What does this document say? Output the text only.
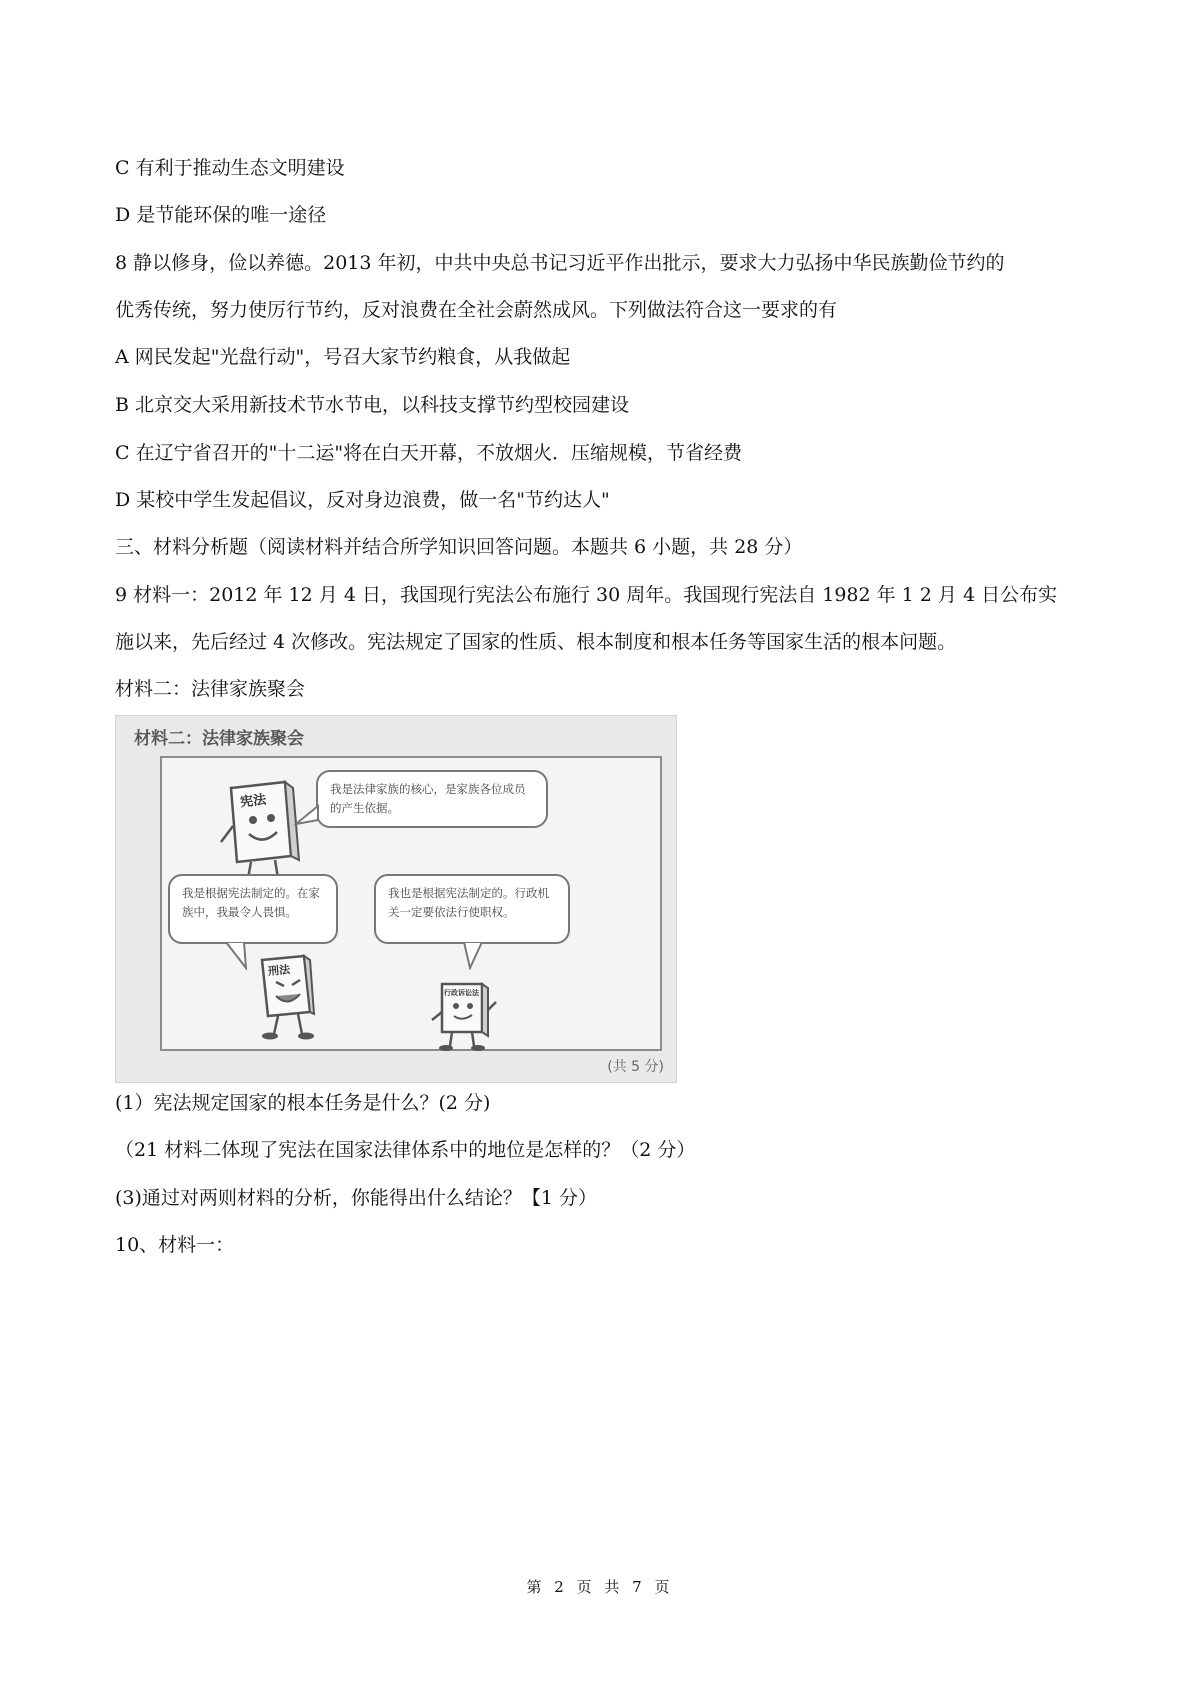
C 有利于推动生态文明建设
D 是节能环保的唯一途径
8 静以修身，俭以养德。2013 年初，中共中央总书记习近平作出批示，要求大力弘扬中华民族勤俭节约的
优秀传统，努力使厉行节约，反对浪费在全社会蔚然成风。下列做法符合这一要求的有
A 网民发起"光盘行动"，号召大家节约粮食，从我做起
B 北京交大采用新技术节水节电，以科技支撑节约型校园建设
C 在辽宁省召开的"十二运"将在白天开幕，不放烟火．压缩规模，节省经费
D 某校中学生发起倡议，反对身边浪费，做一名"节约达人"
三、材料分析题（阅读材料并结合所学知识回答问题。本题共 6 小题，共 28 分）
9 材料一：2012 年 12 月 4 日，我国现行宪法公布施行 30 周年。我国现行宪法自 1982 年 1 2 月 4 日公布实
施以来，先后经过 4 次修改。宪法规定了国家的性质、根本制度和根本任务等国家生活的根本问题。
材料二：法律家族聚会
材料二：法律家族聚会
宪法
我是法律家族的核心，是家族各位成员的产生依据。
我是根据宪法制定的。在家族中，我最令人畏惧。
我也是根据宪法制定的。行政机关一定要依法行使职权。
刑法
行政诉讼法
(共 5 分)
(1）宪法规定国家的根本任务是什么？(2 分)
（21 材料二体现了宪法在国家法律体系中的地位是怎样的？（2 分）
(3)通过对两则材料的分析，你能得出什么结论？【1 分）
10、材料一：
第 2 页 共 7 页
